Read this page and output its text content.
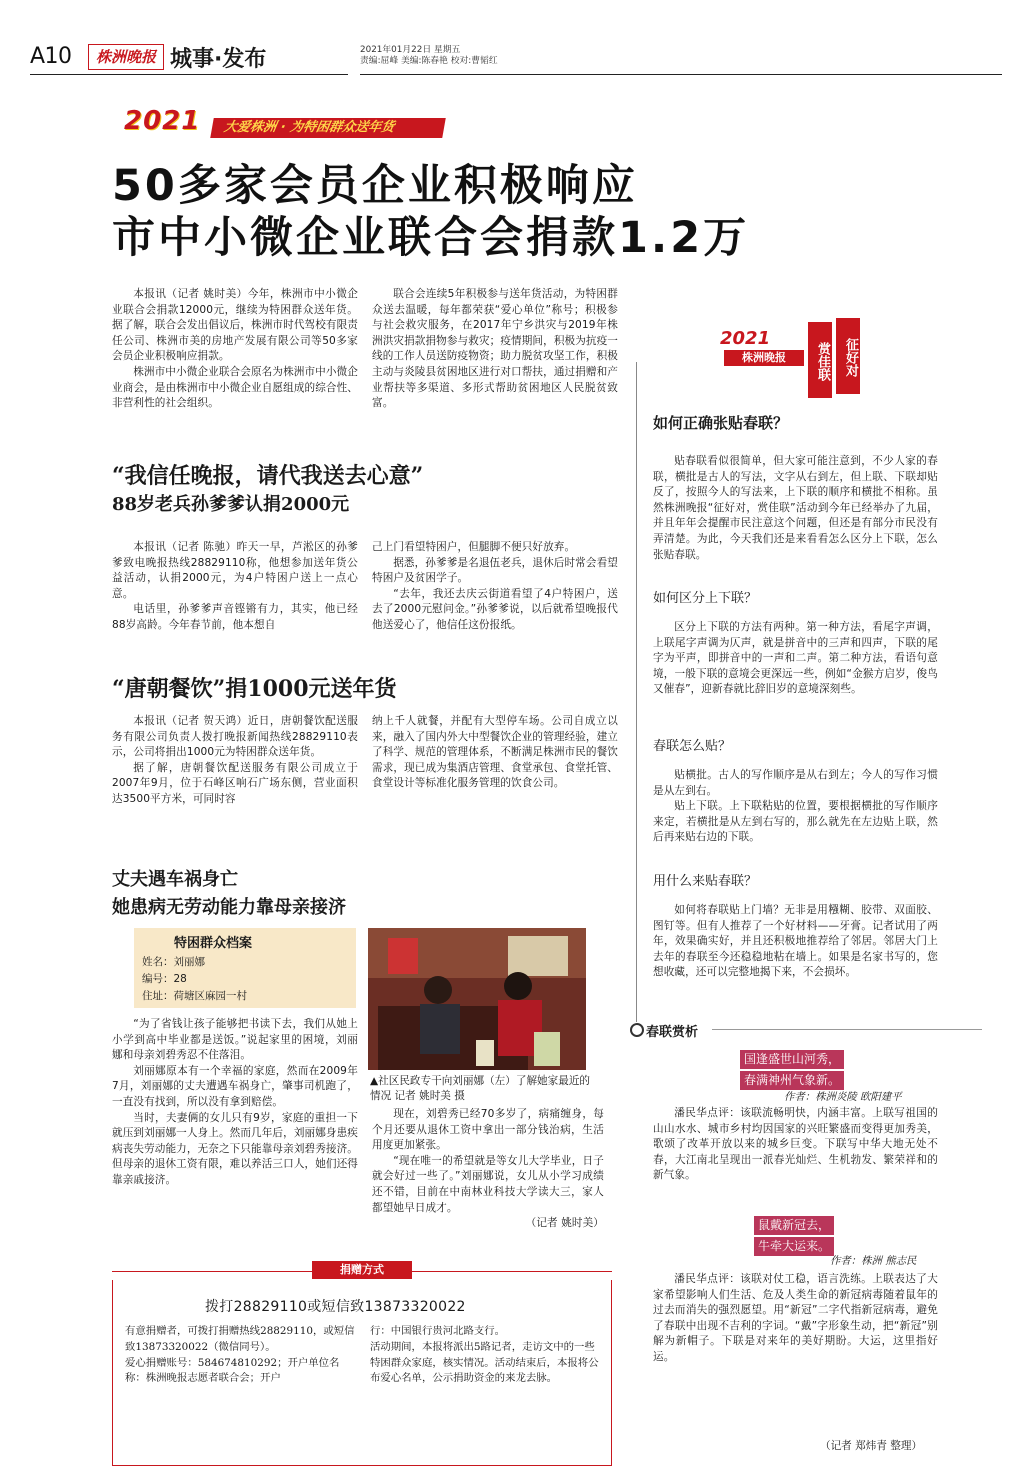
A10	株洲晚报 城事·发布	2021年01月22日 星期五
责编:屈峰 美编:陈春艳 校对:曹韬红
2021	大爱株洲 · 为特困群众送年货
50多家会员企业积极响应
市中小微企业联合会捐款1.2万

本报讯（记者 姚时美）今年，株洲市中小微企业联合会捐款12000元，继续为特困群众送年货。据了解，联合会发出倡议后，株洲市时代驾校有限责任公司、株洲市美的房地产发展有限公司等50多家会员企业积极响应捐款。

株洲市中小微企业联合会原名为株洲市中小微企业商会，是由株洲市中小微企业自愿组成的综合性、非营利性的社会组织。

联合会连续5年积极参与送年货活动，为特困群众送去温暖，每年都荣获“爱心单位”称号；积极参与社会救灾服务，在2017年宁乡洪灾与2019年株洲洪灾捐款捐物参与救灾；疫情期间，积极为抗疫一线的工作人员送防疫物资；助力脱贫攻坚工作，积极主动与炎陵县贫困地区进行对口帮扶，通过捐赠和产业帮扶等多渠道、多形式帮助贫困地区人民脱贫致富。

“我信任晚报，请代我送去心意”
88岁老兵孙爹爹认捐2000元

本报讯（记者 陈驰）昨天一早，芦淞区的孙爹爹致电晚报热线28829110称，他想参加送年货公益活动，认捐2000元，为4户特困户送上一点心意。

电话里，孙爹爹声音铿锵有力，其实，他已经88岁高龄。今年春节前，他本想自

己上门看望特困户，但腿脚不便只好放弃。

据悉，孙爹爹是名退伍老兵，退休后时常会看望特困户及贫困学子。

“去年，我还去庆云街道看望了4户特困户，送去了2000元慰问金。”孙爹爹说，以后就希望晚报代他送爱心了，他信任这份报纸。

“唐朝餐饮”捐1000元送年货

本报讯（记者 贺天鸿）近日，唐朝餐饮配送服务有限公司负责人拨打晚报新闻热线28829110表示，公司将捐出1000元为特困群众送年货。

据了解，唐朝餐饮配送服务有限公司成立于2007年9月，位于石峰区响石广场东侧，营业面积达3500平方米，可同时容

纳上千人就餐，并配有大型停车场。公司自成立以来，融入了国内外大中型餐饮企业的管理经验，建立了科学、规范的管理体系，不断满足株洲市民的餐饮需求，现已成为集酒店管理、食堂承包、食堂托管、食堂设计等标准化服务管理的饮食公司。

丈夫遇车祸身亡
她患病无劳动能力靠母亲接济
特困群众档案
姓名：刘丽娜
编号：28
住址：荷塘区麻园一村
▲社区民政专干向刘丽娜（左）了解她家最近的情况 记者 姚时美 摄

“为了省钱让孩子能够把书读下去，我们从她上小学到高中毕业都是送饭。”说起家里的困境，刘丽娜和母亲刘碧秀忍不住落泪。

刘丽娜原本有一个幸福的家庭，然而在2009年7月，刘丽娜的丈夫遭遇车祸身亡，肇事司机跑了，一直没有找到，所以没有拿到赔偿。

当时，夫妻俩的女儿只有9岁，家庭的重担一下就压到刘丽娜一人身上。然而几年后，刘丽娜身患疾病丧失劳动能力，无奈之下只能靠母亲刘碧秀接济。但母亲的退休工资有限，难以养活三口人，她们还得靠亲戚接济。

现在，刘碧秀已经70多岁了，病痛缠身，每个月还要从退休工资中拿出一部分钱治病，生活用度更加紧张。

“现在唯一的希望就是等女儿大学毕业，日子就会好过一些了。”刘丽娜说，女儿从小学习成绩还不错，目前在中南林业科技大学读大三，家人都望她早日成才。

（记者 姚时美）
捐赠方式
拨打28829110或短信致13873320022

有意捐赠者，可拨打捐赠热线28829110，或短信致13873320022（微信同号）。

爱心捐赠账号：584674810292；开户单位名称：株洲晚报志愿者联合会；开户

行：中国银行贵河北路支行。

活动期间，本报将派出5路记者，走访文中的一些特困群众家庭，核实情况。活动结束后，本报将公布爱心名单，公示捐助资金的来龙去脉。

2021
株洲晚报	赏佳联	征好对
如何正确张贴春联？

贴春联看似很简单，但大家可能注意到，不少人家的春联，横批是古人的写法，文字从右到左，但上联、下联却贴反了，按照今人的写法来，上下联的顺序和横批不相称。虽然株洲晚报“征好对，赏佳联”活动到今年已经举办了九届，并且年年会提醒市民注意这个问题，但还是有部分市民没有弄清楚。为此，今天我们还是来看看怎么区分上下联，怎么张贴春联。

如何区分上下联？

区分上下联的方法有两种。第一种方法，看尾字声调，上联尾字声调为仄声，就是拼音中的三声和四声，下联的尾字为平声，即拼音中的一声和二声。第二种方法，看语句意境，一般下联的意境会更深远一些，例如“金猴方启岁，俊鸟又催春”，迎新春就比辞旧岁的意境深刻些。

春联怎么贴？

贴横批。古人的写作顺序是从右到左；今人的写作习惯是从左到右。

贴上下联。上下联粘贴的位置，要根据横批的写作顺序来定，若横批是从左到右写的，那么就先在左边贴上联，然后再来贴右边的下联。

用什么来贴春联？

如何将春联贴上门墙？无非是用糨糊、胶带、双面胶、图钉等。但有人推荐了一个好材料——牙膏。记者试用了两年，效果确实好，并且还积极地推荐给了邻居。邻居大门上去年的春联至今还稳稳地粘在墙上。如果是名家书写的，您想收藏，还可以完整地揭下来，不会损坏。

春联赏析
国逢盛世山河秀，
春满神州气象新。
作者：株洲炎陵 欧阳建平

潘民华点评：该联流畅明快，内涵丰富。上联写祖国的山山水水、城市乡村均因国家的兴旺繁盛而变得更加秀美，歌颂了改革开放以来的城乡巨变。下联写中华大地无处不春，大江南北呈现出一派春光灿烂、生机勃发、繁荣祥和的新气象。

鼠戴新冠去，
牛牵大运来。
作者：株洲 熊志民

潘民华点评：该联对仗工稳，语言洗练。上联表达了大家希望影响人们生活、危及人类生命的新冠病毒随着鼠年的过去而消失的强烈愿望。用“新冠”二字代指新冠病毒，避免了春联中出现不吉利的字词。“戴”字形象生动，把“新冠”别解为新帽子。下联是对来年的美好期盼。大运，这里指好运。

（记者 郑炜青 整理）
